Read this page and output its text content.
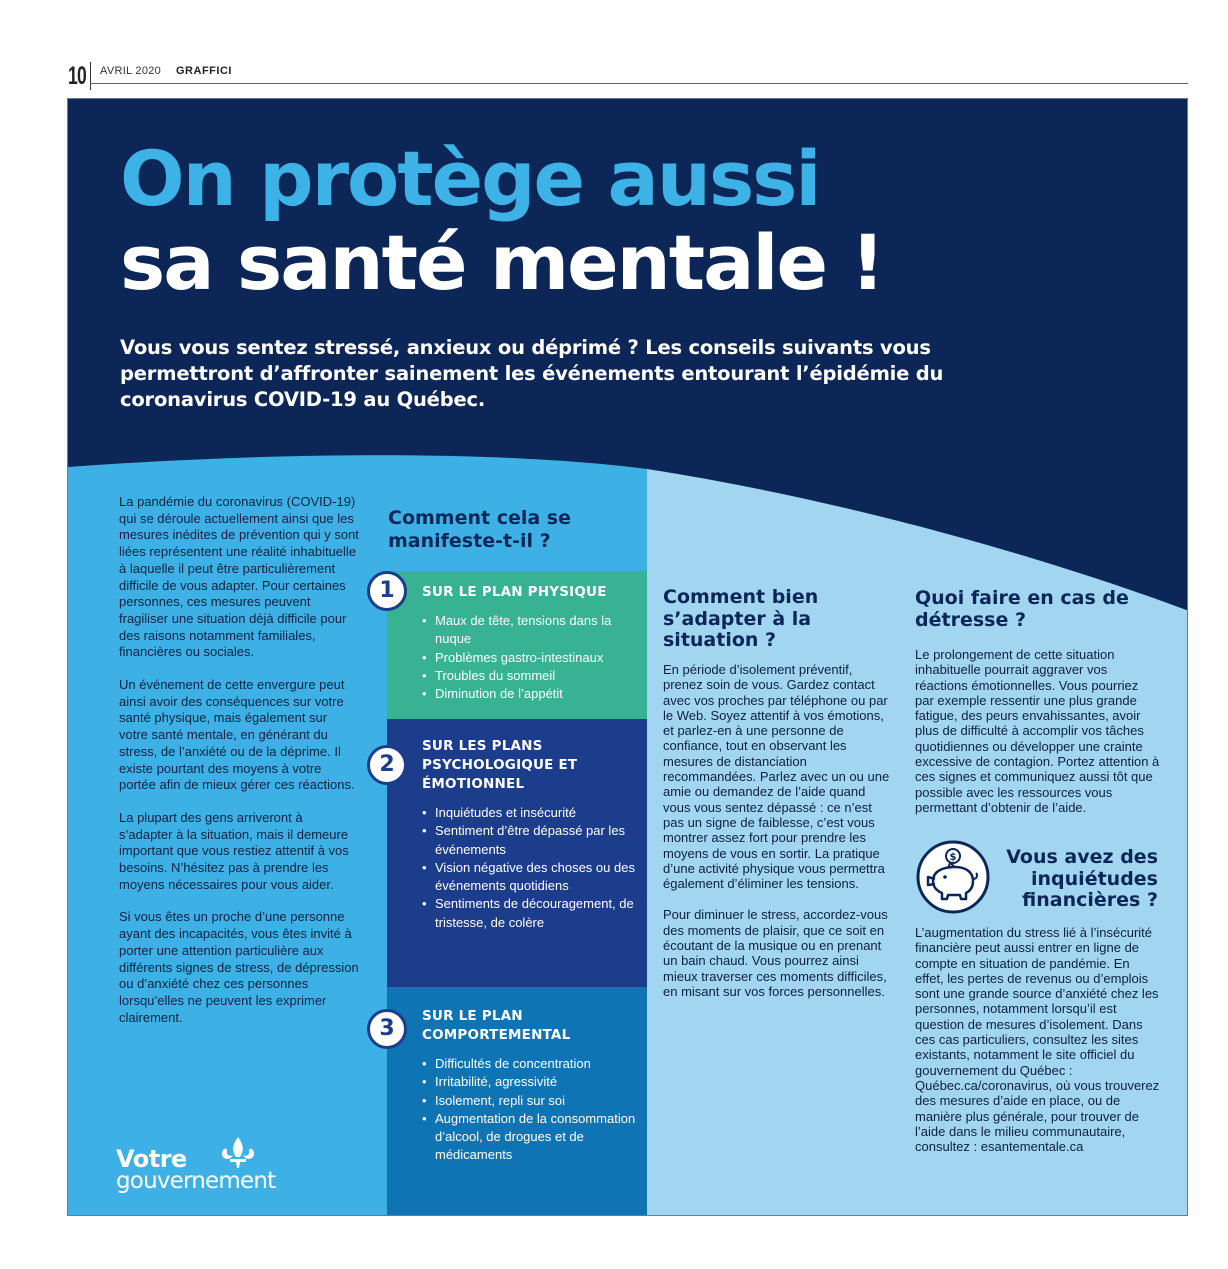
10 AVRIL 2020 GRAFFICI
On protège aussi
sa santé mentale !

Vous vous sentez stressé, anxieux ou déprimé ? Les conseils suivants vous permettront d’affronter sainement les événements entourant l’épidémie du coronavirus COVID-19 au Québec.

La pandémie du coronavirus (COVID-19) qui se déroule actuellement ainsi que les mesures inédites de prévention qui y sont liées représentent une réalité inhabituelle à laquelle il peut être particulièrement difficile de vous adapter. Pour certaines personnes, ces mesures peuvent fragiliser une situation déjà difficile pour des raisons notamment familiales, financières ou sociales.

Un événement de cette envergure peut ainsi avoir des conséquences sur votre santé physique, mais également sur votre santé mentale, en générant du stress, de l’anxiété ou de la déprime. Il existe pourtant des moyens à votre portée afin de mieux gérer ces réactions.

La plupart des gens arriveront à s’adapter à la situation, mais il demeure important que vous restiez attentif à vos besoins. N’hésitez pas à prendre les moyens nécessaires pour vous aider.

Si vous êtes un proche d’une personne ayant des incapacités, vous êtes invité à porter une attention particulière aux différents signes de stress, de dépression ou d’anxiété chez ces personnes lorsqu’elles ne peuvent les exprimer clairement.

Votre
gouvernement
Comment cela se manifeste-t-il ?
SUR LE PLAN PHYSIQUE
• Maux de tête, tensions dans la nuque
• Problèmes gastro-intestinaux
• Troubles du sommeil
• Diminution de l’appétit
SUR LES PLANS PSYCHOLOGIQUE ET ÉMOTIONNEL
• Inquiétudes et insécurité
• Sentiment d’être dépassé par les événements
• Vision négative des choses ou des événements quotidiens
• Sentiments de découragement, de tristesse, de colère
SUR LE PLAN COMPORTEMENTAL
• Difficultés de concentration
• Irritabilité, agressivité
• Isolement, repli sur soi
• Augmentation de la consommation d’alcool, de drogues et de médicaments
1
2
3
Comment bien s’adapter à la situation ?

En période d’isolement préventif, prenez soin de vous. Gardez contact avec vos proches par téléphone ou par le Web. Soyez attentif à vos émotions, et parlez-en à une personne de confiance, tout en observant les mesures de distanciation recommandées. Parlez avec un ou une amie ou demandez de l’aide quand vous vous sentez dépassé : ce n’est pas un signe de faiblesse, c’est vous montrer assez fort pour prendre les moyens de vous en sortir. La pratique d’une activité physique vous permettra également d’éliminer les tensions.

Pour diminuer le stress, accordez-vous des moments de plaisir, que ce soit en écoutant de la musique ou en prenant un bain chaud. Vous pourrez ainsi mieux traverser ces moments difficiles, en misant sur vos forces personnelles.

Quoi faire en cas de détresse ?

Le prolongement de cette situation inhabituelle pourrait aggraver vos réactions émotionnelles. Vous pourriez par exemple ressentir une plus grande fatigue, des peurs envahissantes, avoir plus de difficulté à accomplir vos tâches quotidiennes ou développer une crainte excessive de contagion. Portez attention à ces signes et communiquez aussi tôt que possible avec les ressources vous permettant d’obtenir de l’aide.

$	Vous avez des inquiétudes financières ?

L’augmentation du stress lié à l’insécurité financière peut aussi entrer en ligne de compte en situation de pandémie. En effet, les pertes de revenus ou d’emplois sont une grande source d’anxiété chez les personnes, notamment lorsqu’il est question de mesures d’isolement. Dans ces cas particuliers, consultez les sites existants, notamment le site officiel du gouvernement du Québec : Québec.ca/coronavirus, où vous trouverez des mesures d’aide en place, ou de manière plus générale, pour trouver de l’aide dans le milieu communautaire, consultez : esantementale.ca
